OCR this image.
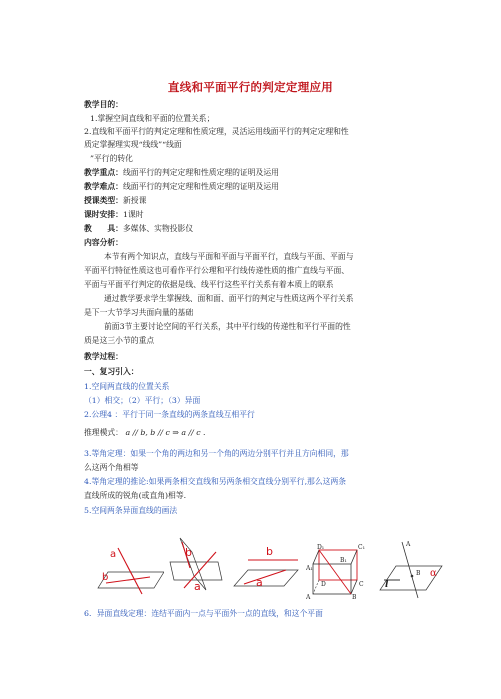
直线和平面平行的判定定理应用
教学目的：
1.掌握空间直线和平面的位置关系；
2.直线和平面平行的判定定理和性质定理，灵活运用线面平行的判定定理和性
质定掌握理实现“线线”“线面
”平行的转化
教学重点：线面平行的判定定理和性质定理的证明及运用
教学难点：线面平行的判定定理和性质定理的证明及运用
授课类型：新授课
课时安排：1课时
教　　具：多媒体、实物投影仪
内容分析：
本节有两个知识点，直线与平面和平面与平面平行，直线与平面、平面与
平面平行特征性质这也可看作平行公理和平行线传递性质的推广直线与平面、
平面与平面平行判定的依据是线、线平行这些平行关系有着本质上的联系
通过教学要求学生掌握线、面和面、面平行的判定与性质这两个平行关系
是下一大节学习共面向量的基础
前面3节主要讨论空间的平行关系，其中平行线的传递性和平行平面的性
质是这三小节的重点
教学过程：
一、复习引入：
1.空间两直线的位置关系
（1）相交；（2）平行；（3）异面
2.公理4 ：平行于同一条直线的两条直线互相平行
推理模式： a // b, b // c ⇒ a // c .
3.等角定理：如果一个角的两边和另一个角的两边分别平行并且方向相同，那
么这两个角相等
4.等角定理的推论:如果两条相交直线和另两条相交直线分别平行,那么这两条
直线所成的锐角(或直角)相等.
5.空间两条异面直线的画法
a
b
b
a
b
a
D₁	C₁
A₁
B₁
D	C
A	B
A
B
l
α
6．异面直线定理：连结平面内一点与平面外一点的直线，和这个平面
